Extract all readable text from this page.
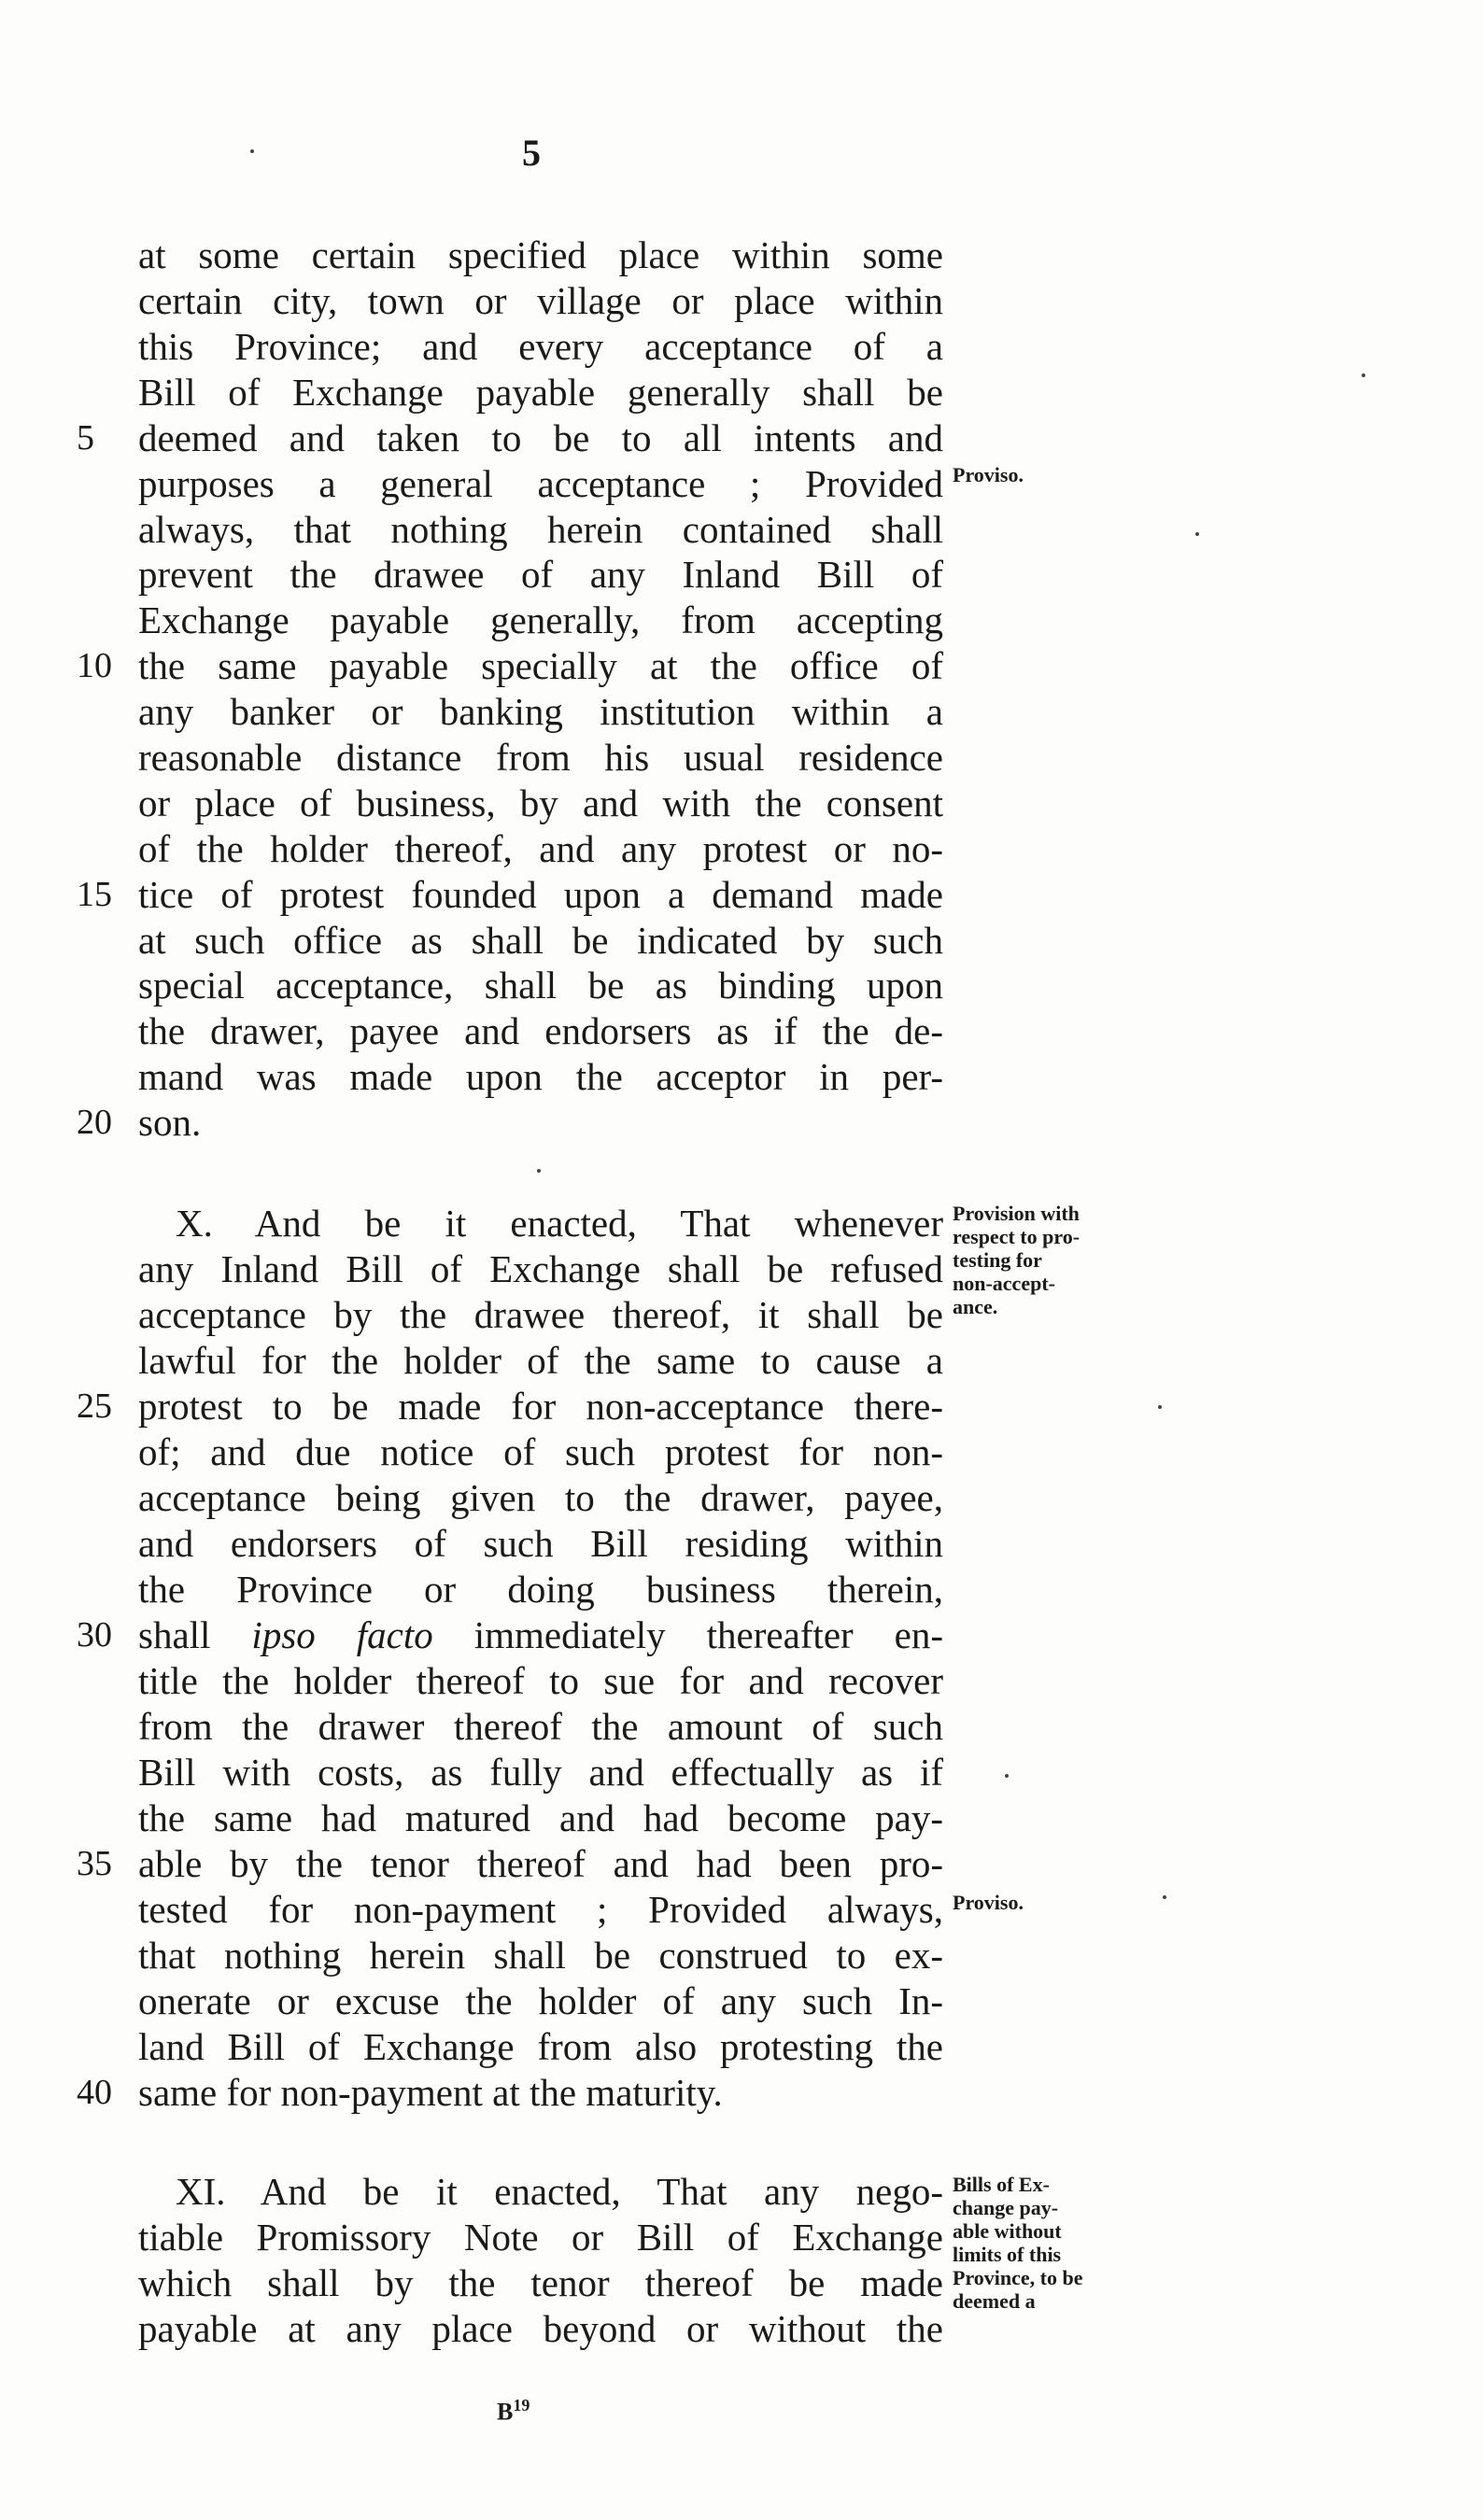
5
at some certain specified place within some
certain city, town or village or place within
this Province; and every acceptance of a
Bill of Exchange payable generally shall be
5	deemed and taken to be to all intents and
purposes a general acceptance ; Provided
always, that nothing herein contained shall
prevent the drawee of any Inland Bill of
Exchange payable generally, from accepting
10 the same payable specially at the office of
any banker or banking institution within a
reasonable distance from his usual residence
or place of business, by and with the consent
of the holder thereof, and any protest or no-
15 tice of protest founded upon a demand made
at such office as shall be indicated by such
special acceptance, shall be as binding upon
the drawer, payee and endorsers as if the de-
mand was made upon the acceptor in per-
20 son.
X. And be it enacted, That whenever
any Inland Bill of Exchange shall be refused
acceptance by the drawee thereof, it shall be
lawful for the holder of the same to cause a
25 protest to be made for non-acceptance there-
of; and due notice of such protest for non-
acceptance being given to the drawer, payee,
and endorsers of such Bill residing within
the Province or doing business therein,
30 shall ipso facto immediately thereafter en-
title the holder thereof to sue for and recover
from the drawer thereof the amount of such
Bill with costs, as fully and effectually as if
the same had matured and had become pay-
35 able by the tenor thereof and had been pro-
tested for non-payment ; Provided always,
that nothing herein shall be construed to ex-
onerate or excuse the holder of any such In-
land Bill of Exchange from also protesting the
40 same for non-payment at the maturity.
XI. And be it enacted, That any nego-
tiable Promissory Note or Bill of Exchange
which shall by the tenor thereof be made
payable at any place beyond or without the
Proviso.
Provision with
respect to pro-
testing for
non-accept-
ance.
Proviso.
Bills of Ex-
change pay-
able without
limits of this
Province, to be
deemed a
$B^{19}$
